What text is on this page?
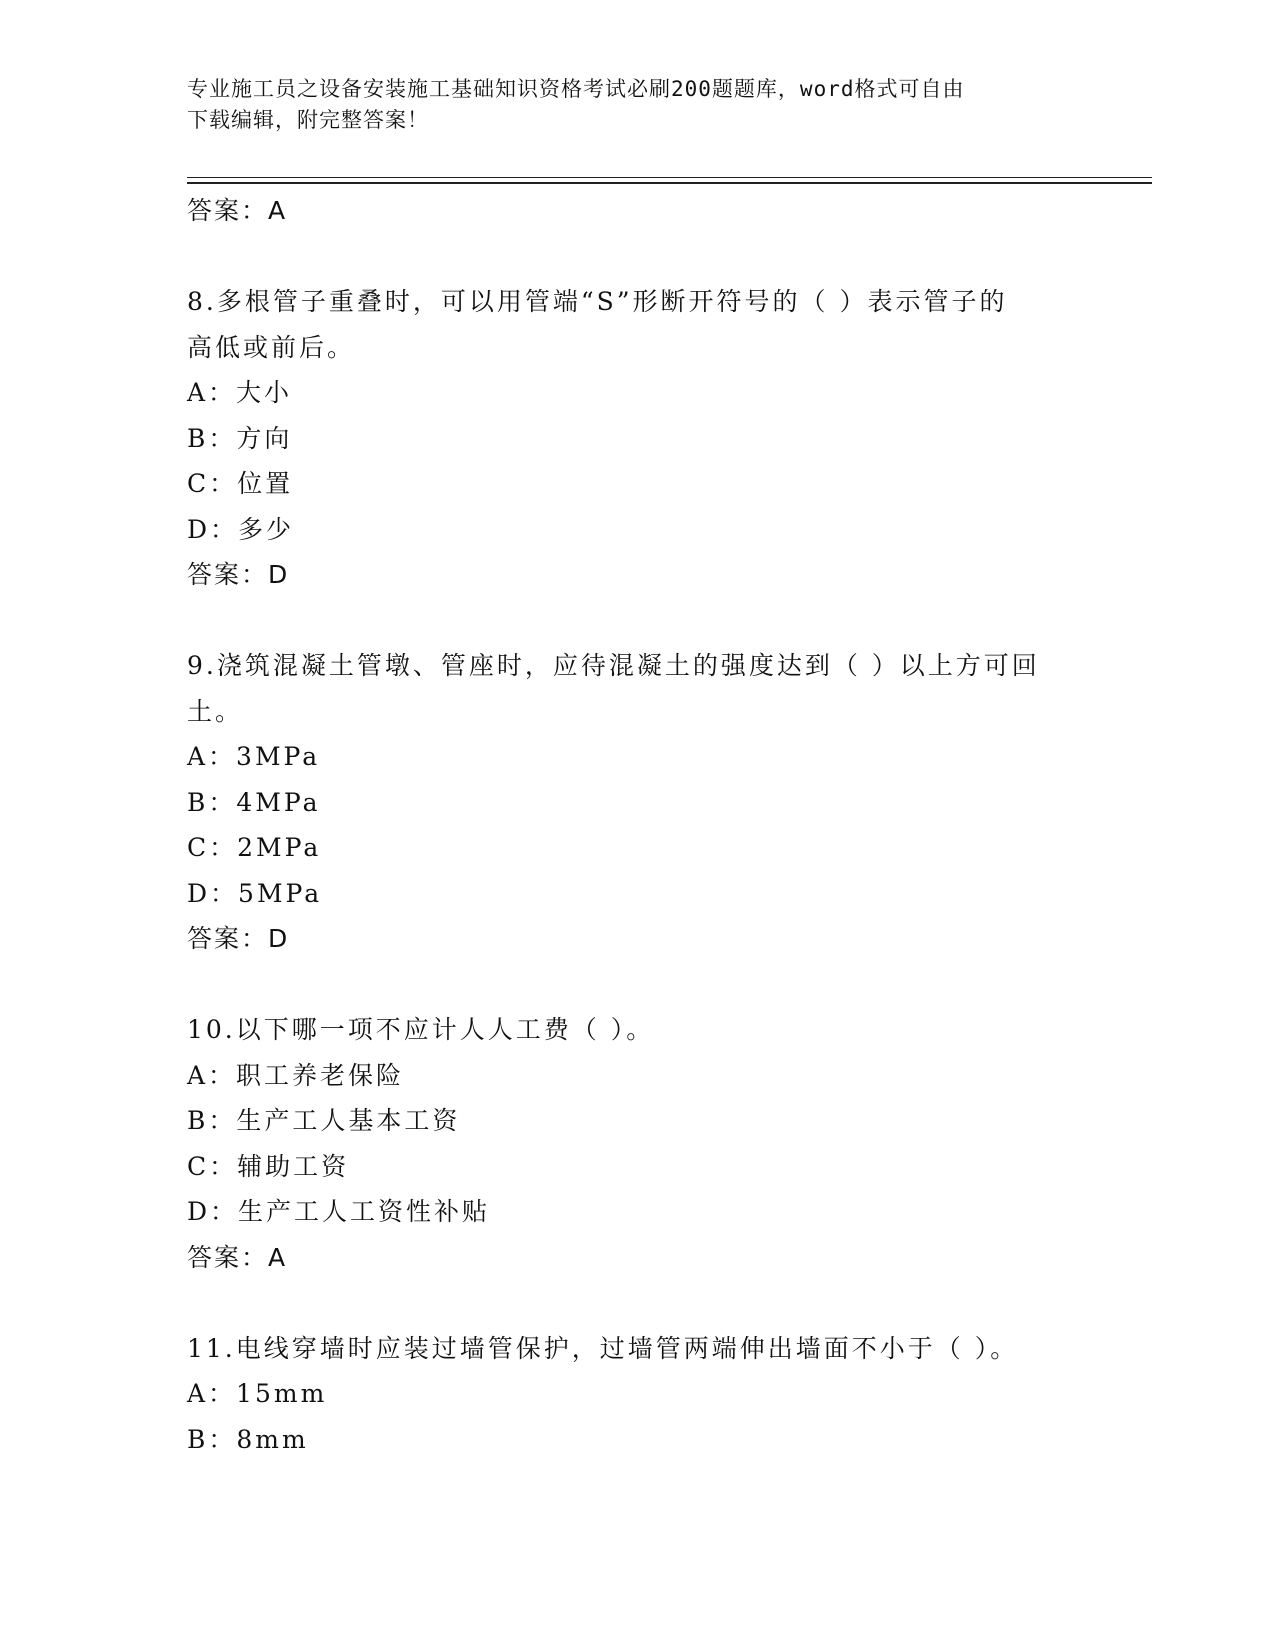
专业施工员之设备安装施工基础知识资格考试必刷200题题库，word格式可自由
下载编辑，附完整答案！
答案：A
8.多根管子重叠时，可以用管端“S”形断开符号的（ ）表示管子的
高低或前后。
A：大小
B：方向
C：位置
D：多少
答案：D
9.浇筑混凝土管墩、管座时，应待混凝土的强度达到（ ）以上方可回
土。
A：3MPa
B：4MPa
C：2MPa
D：5MPa
答案：D
10.以下哪一项不应计人人工费（ ）。
A：职工养老保险
B：生产工人基本工资
C：辅助工资
D：生产工人工资性补贴
答案：A
11.电线穿墙时应装过墙管保护，过墙管两端伸出墙面不小于（ ）。
A：15mm
B：8mm
